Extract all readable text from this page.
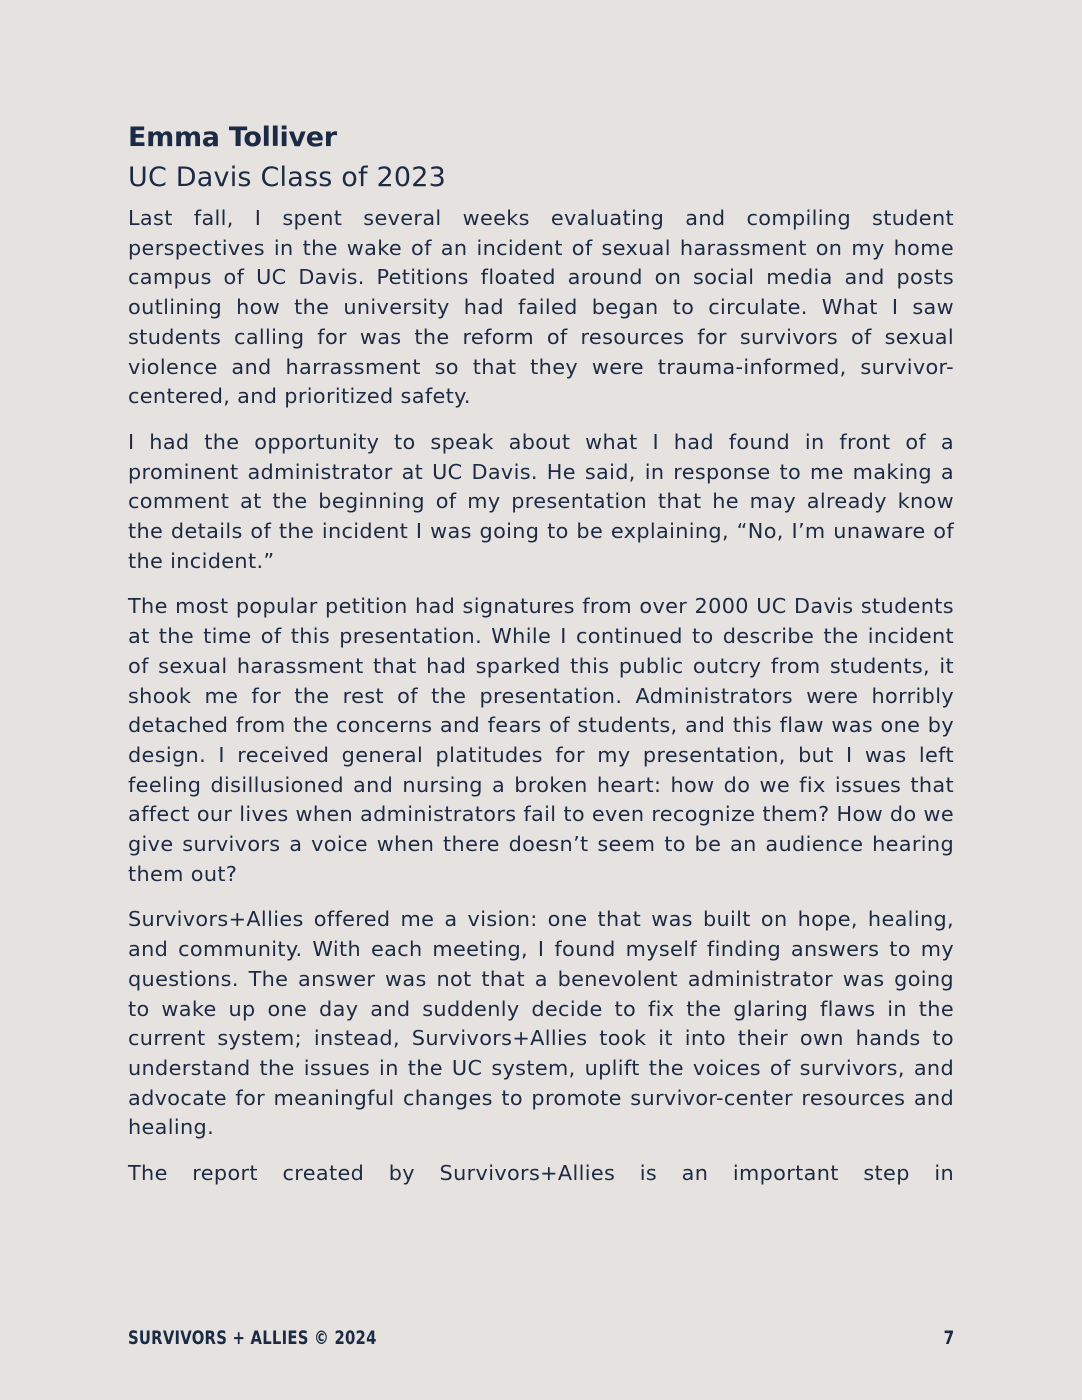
Emma Tolliver
UC Davis Class of 2023

Last fall, I spent several weeks evaluating and compiling student perspectives in the wake of an incident of sexual harassment on my home campus of UC Davis. Petitions floated around on social media and posts outlining how the university had failed began to circulate. What I saw students calling for was the reform of resources for survivors of sexual violence and harrassment so that they were trauma-informed, survivor-centered, and prioritized safety.

I had the opportunity to speak about what I had found in front of a prominent administrator at UC Davis. He said, in response to me making a comment at the beginning of my presentation that he may already know the details of the incident I was going to be explaining, “No, I’m unaware of the incident.”

The most popular petition had signatures from over 2000 UC Davis students at the time of this presentation. While I continued to describe the incident of sexual harassment that had sparked this public outcry from students, it shook me for the rest of the presentation. Administrators were horribly detached from the concerns and fears of students, and this flaw was one by design. I received general platitudes for my presentation, but I was left feeling disillusioned and nursing a broken heart: how do we fix issues that affect our lives when administrators fail to even recognize them? How do we give survivors a voice when there doesn’t seem to be an audience hearing them out?

Survivors+Allies offered me a vision: one that was built on hope, healing, and community. With each meeting, I found myself finding answers to my questions. The answer was not that a benevolent administrator was going to wake up one day and suddenly decide to fix the glaring flaws in the current system; instead, Survivors+Allies took it into their own hands to understand the issues in the UC system, uplift the voices of survivors, and advocate for meaningful changes to promote survivor-center resources and healing.

The report created by Survivors+Allies is an important step in

SURVIVORS + ALLIES © 2024	7
